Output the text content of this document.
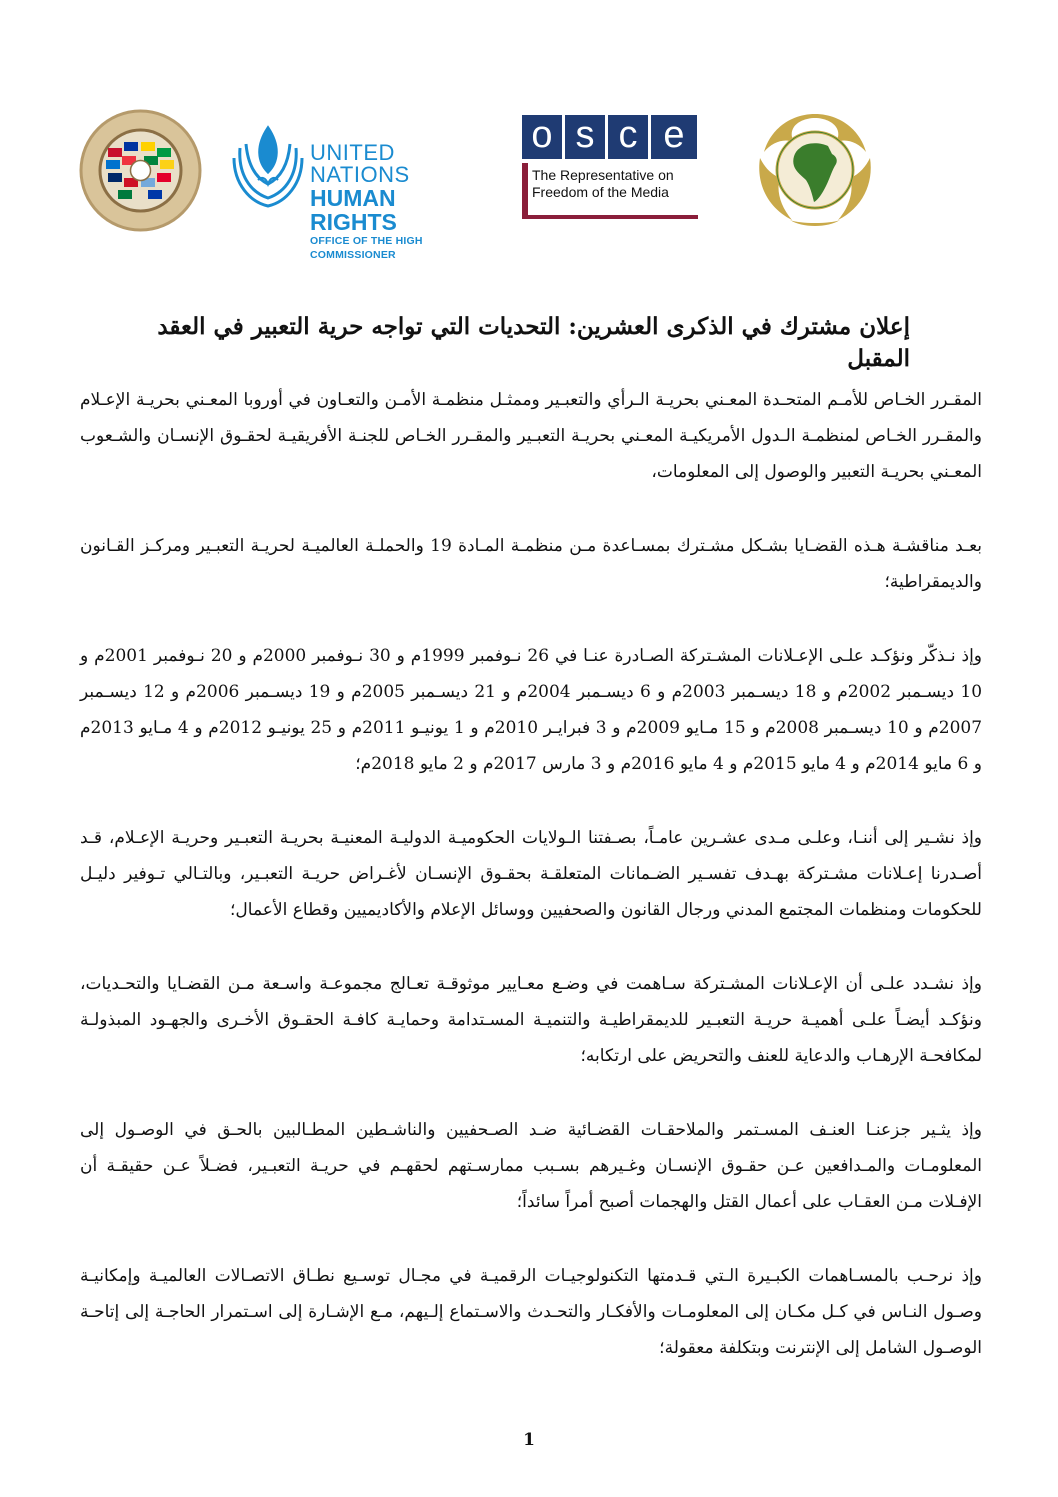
UNITED NATIONS
HUMAN RIGHTS
OFFICE OF THE HIGH COMMISSIONER
o s c e
The Representative on
Freedom of the Media
إعلان مشترك في الذكرى العشرين: التحديات التي تواجه حرية التعبير في العقد المقبل

المقـرر الخـاص للأمـم المتحـدة المعـني بحريـة الـرأي والتعبـير وممثـل منظمـة الأمـن والتعـاون في أوروبا المعـني بحريـة الإعـلام والمقـرر الخـاص لمنظمـة الـدول الأمريكيـة المعـني بحريـة التعبـير والمقـرر الخـاص للجنـة الأفريقيـة لحقـوق الإنسـان والشـعوب المعـني بحريـة التعبير والوصول إلى المعلومات،

بعـد مناقشـة هـذه القضـايا بشـكل مشـترك بمسـاعدة مـن منظمـة المـادة 19 والحملـة العالميـة لحريـة التعبـير ومركـز القـانون والديمقراطية؛

وإذ نـذكّر ونؤكـد علـى الإعـلانات المشـتركة الصـادرة عنـا في 26 نـوفمبر 1999م و 30 نـوفمبر 2000م و 20 نـوفمبر 2001م و 10 ديسـمبر 2002م و 18 ديسـمبر 2003م و 6 ديسـمبر 2004م و 21 ديسـمبر 2005م و 19 ديسـمبر 2006م و 12 ديسـمبر 2007م و 10 ديسـمبر 2008م و 15 مـايو 2009م و 3 فبرايـر 2010م و 1 يونيـو 2011م و 25 يونيـو 2012م و 4 مـايو 2013م و 6 مايو 2014م و 4 مايو 2015م و 4 مايو 2016م و 3 مارس 2017م و 2 مايو 2018م؛

وإذ نشـير إلى أننـا، وعلـى مـدى عشـرين عامـاً، بصـفتنا الـولايات الحكوميـة الدوليـة المعنيـة بحريـة التعبـير وحريـة الإعـلام، قـد أصـدرنا إعـلانات مشـتركة بهـدف تفسـير الضـمانات المتعلقـة بحقـوق الإنسـان لأغـراض حريـة التعبـير، وبالتـالي تـوفير دليـل للحكومات ومنظمات المجتمع المدني ورجال القانون والصحفيين ووسائل الإعلام والأكاديميين وقطاع الأعمال؛

وإذ نشـدد علـى أن الإعـلانات المشـتركة سـاهمت في وضـع معـايير موثوقـة تعـالج مجموعـة واسـعة مـن القضـايا والتحـديات، ونؤكـد أيضـاً علـى أهميـة حريـة التعبـير للديمقراطيـة والتنميـة المسـتدامة وحمايـة كافـة الحقـوق الأخـرى والجهـود المبذولـة لمكافحـة الإرهـاب والدعاية للعنف والتحريض على ارتكابه؛

وإذ يثـير جزعنـا العنـف المسـتمر والملاحقـات القضـائية ضـد الصـحفيين والناشـطين المطـالبين بالحـق في الوصـول إلى المعلومـات والمـدافعين عـن حقـوق الإنسـان وغـيرهم بسـبب ممارسـتهم لحقهـم في حريـة التعبـير، فضـلاً عـن حقيقـة أن الإفـلات مـن العقـاب على أعمال القتل والهجمات أصبح أمراً سائداً؛

وإذ نرحـب بالمسـاهمات الكبـيرة الـتي قـدمتها التكنولوجيـات الرقميـة في مجـال توسـيع نطـاق الاتصـالات العالميـة وإمكانيـة وصـول النـاس في كـل مكـان إلى المعلومـات والأفكـار والتحـدث والاسـتماع إلـيهم، مـع الإشـارة إلى اسـتمرار الحاجـة إلى إتاحـة الوصـول الشامل إلى الإنترنت وبتكلفة معقولة؛

1
